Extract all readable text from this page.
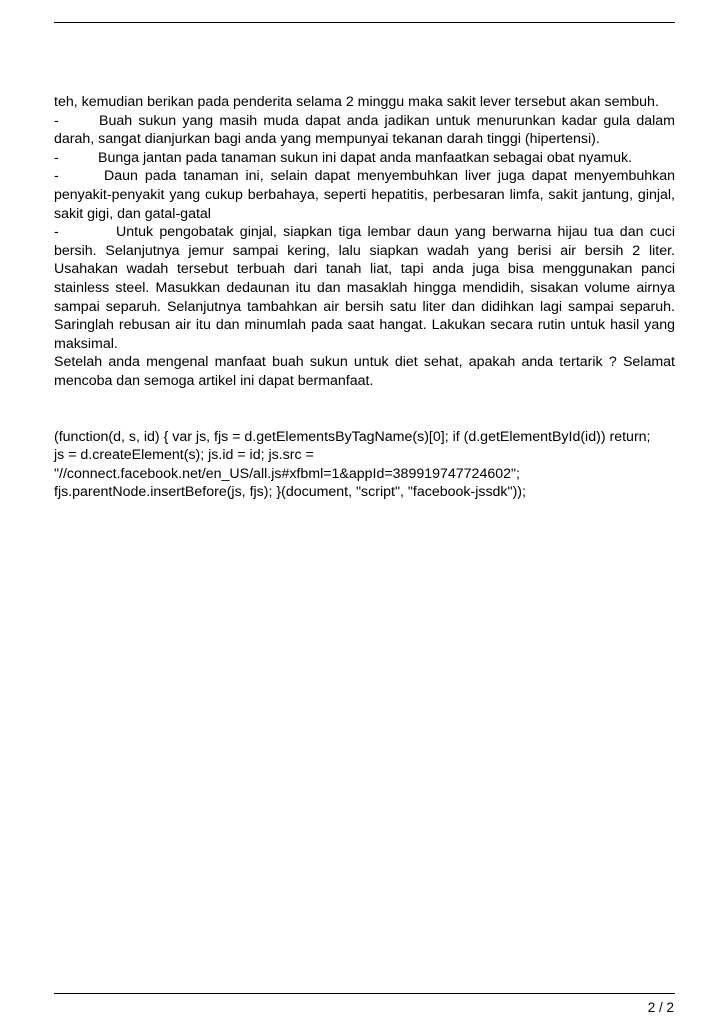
teh, kemudian berikan pada penderita selama 2 minggu maka sakit lever tersebut akan sembuh.

-	Buah sukun yang masih muda dapat anda jadikan untuk menurunkan kadar gula dalam darah, sangat dianjurkan bagi anda yang mempunyai tekanan darah tinggi (hipertensi).

-	Bunga jantan pada tanaman sukun ini dapat anda manfaatkan sebagai obat nyamuk.

-	Daun pada tanaman ini, selain dapat menyembuhkan liver juga dapat menyembuhkan penyakit-penyakit yang cukup berbahaya, seperti hepatitis, perbesaran limfa, sakit jantung, ginjal, sakit gigi, dan gatal-gatal

-	Untuk pengobatak ginjal, siapkan tiga lembar daun yang berwarna hijau tua dan cuci bersih. Selanjutnya jemur sampai kering, lalu siapkan wadah yang berisi air bersih 2 liter. Usahakan wadah tersebut terbuah dari tanah liat, tapi anda juga bisa menggunakan panci stainless steel. Masukkan dedaunan itu dan masaklah hingga mendidih, sisakan volume airnya sampai separuh. Selanjutnya tambahkan air bersih satu liter dan didihkan lagi sampai separuh. Saringlah rebusan air itu dan minumlah pada saat hangat. Lakukan secara rutin untuk hasil yang maksimal.

Setelah anda mengenal manfaat buah sukun untuk diet sehat, apakah anda tertarik ? Selamat mencoba dan semoga artikel ini dapat bermanfaat.

(function(d, s, id) { var js, fjs = d.getElementsByTagName(s)[0]; if (d.getElementById(id)) return;

js = d.createElement(s); js.id = id; js.src =

"//connect.facebook.net/en_US/all.js#xfbml=1&appId=389919747724602";

fjs.parentNode.insertBefore(js, fjs); }(document, "script", "facebook-jssdk"));

2 / 2
